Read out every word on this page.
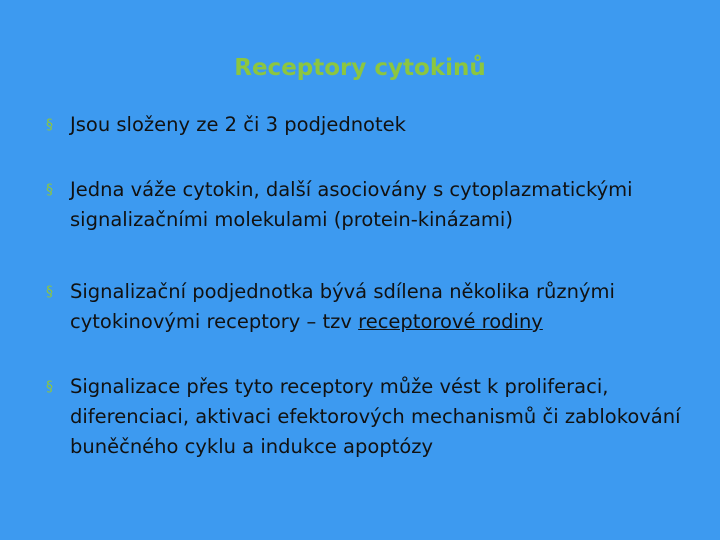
Receptory cytokinů
§ Jsou složeny ze 2 či 3 podjednotek
§ Jedna váže cytokin, další asociovány s cytoplazmatickými signalizačními molekulami (protein-kinázami)
§ Signalizační podjednotka bývá sdílena několika různými cytokinovými receptory – tzv receptorové rodiny
§ Signalizace přes tyto receptory může vést k proliferaci, diferenciaci, aktivaci efektorových mechanismů či zablokování buněčného cyklu a indukce apoptózy
